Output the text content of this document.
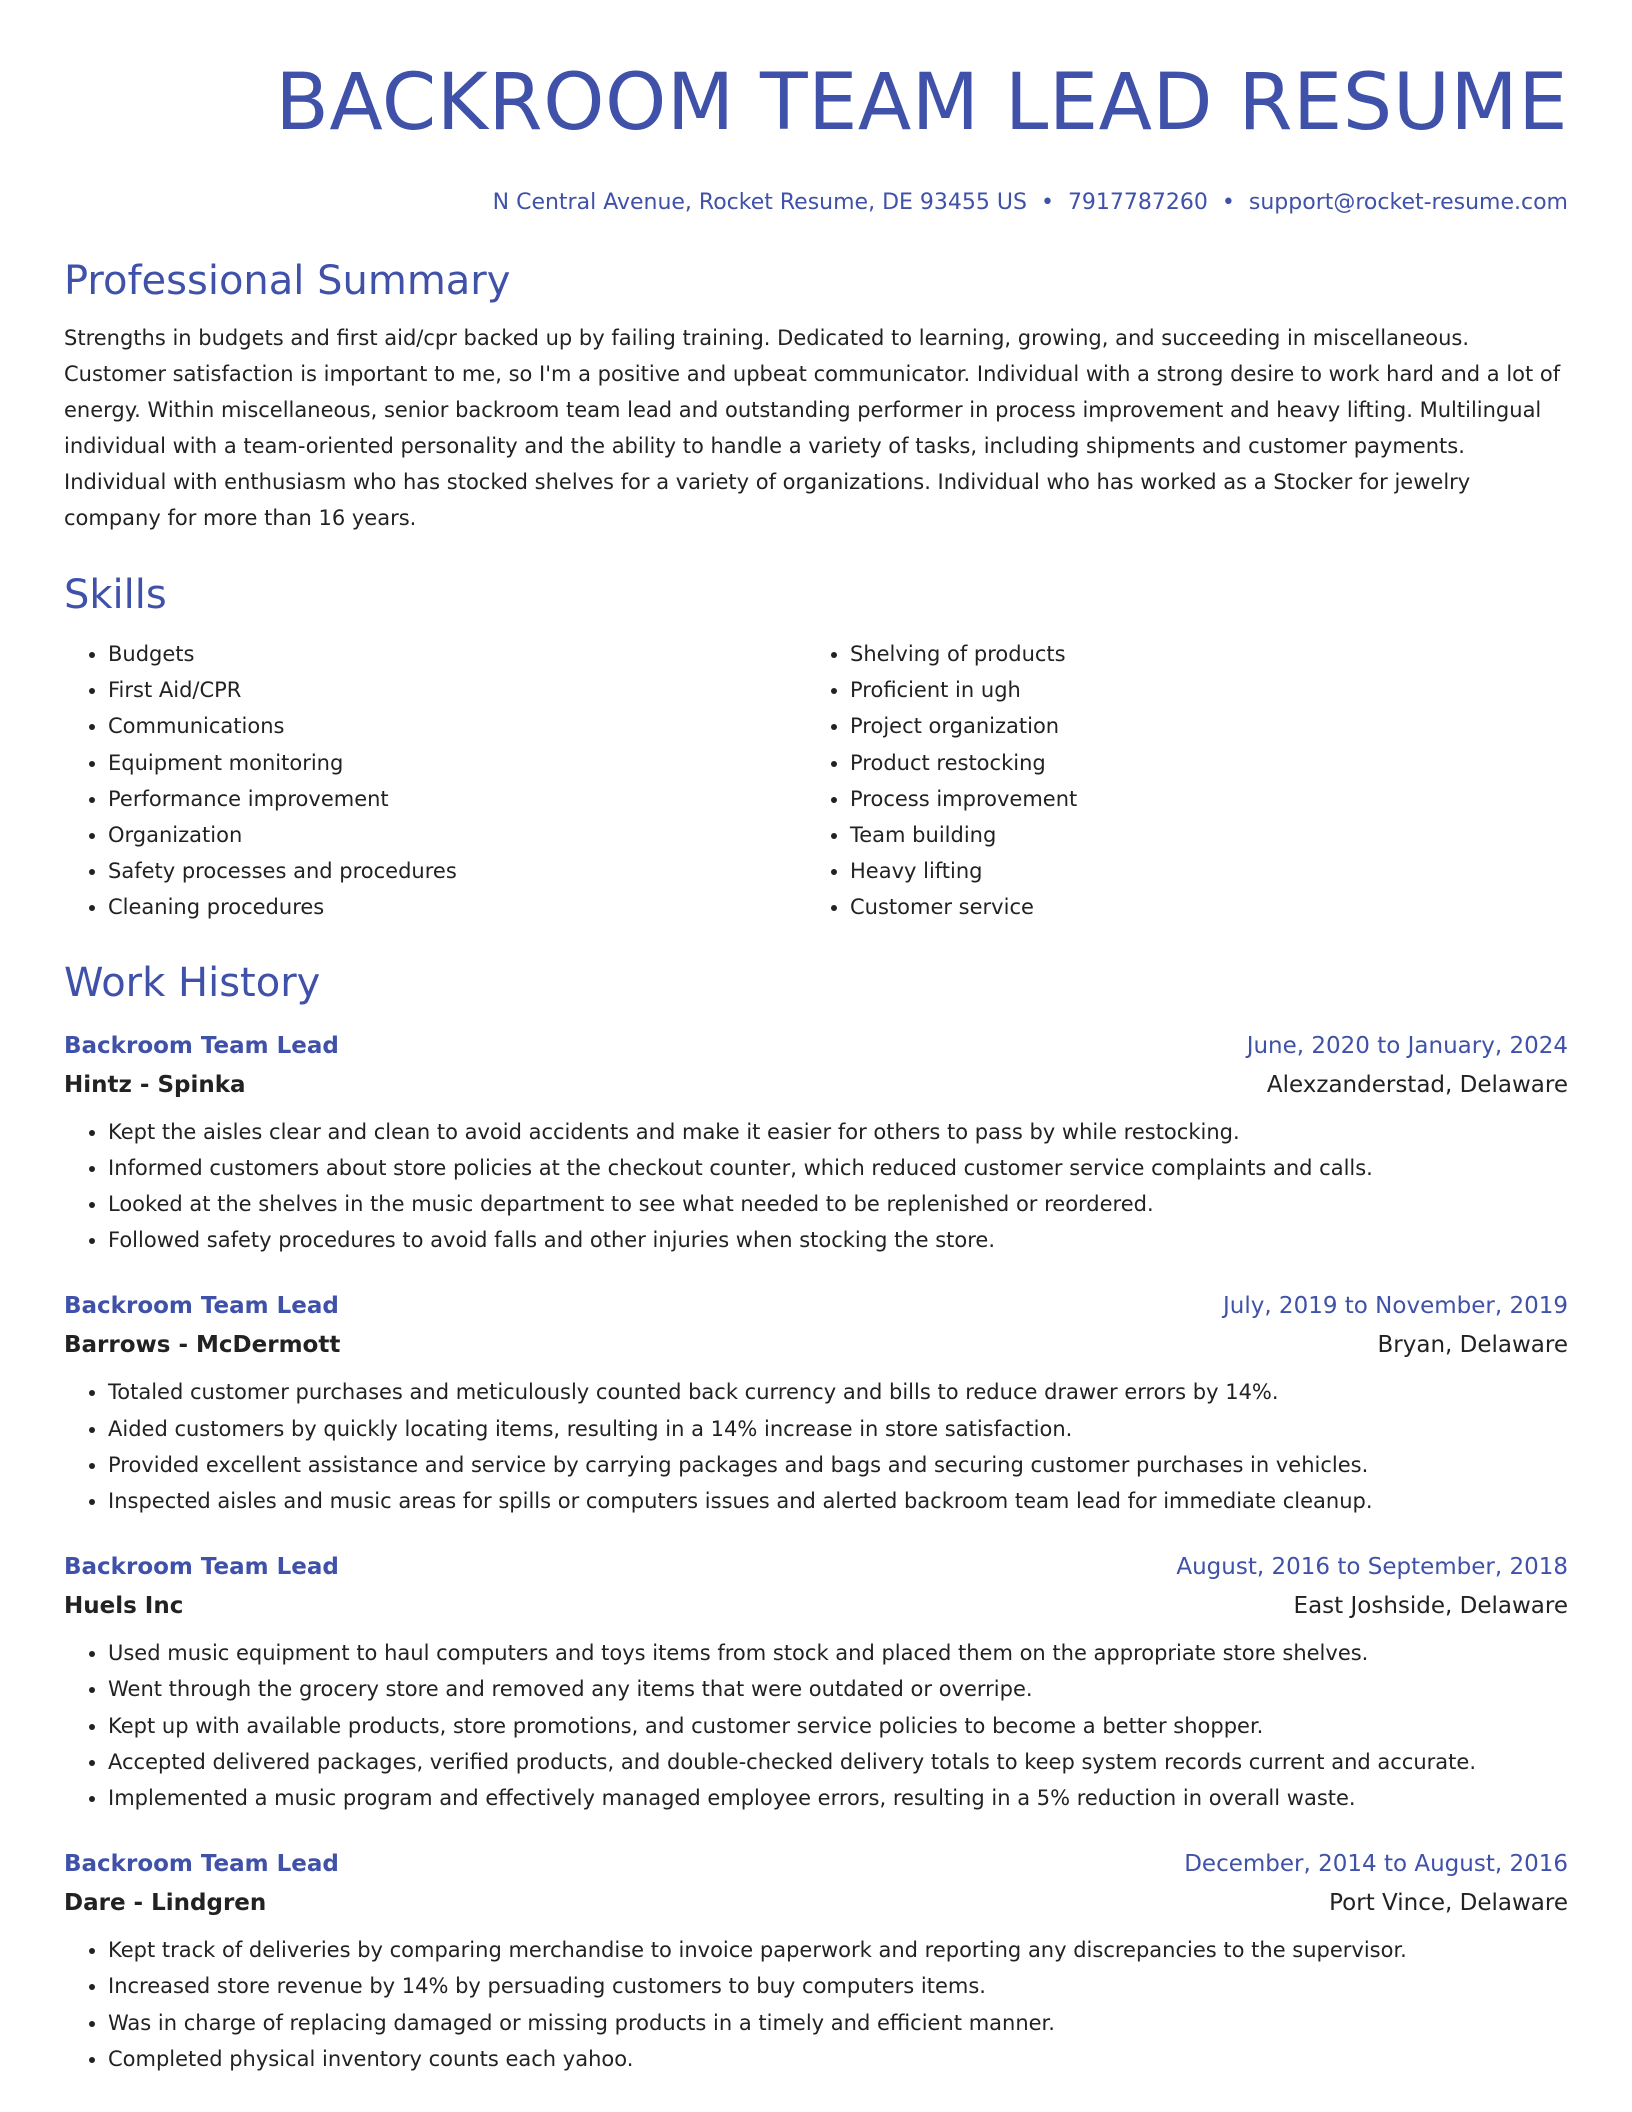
BACKROOM TEAM LEAD RESUME
N Central Avenue, Rocket Resume, DE 93455 US • 7917787260 • support@rocket-resume.com
Professional Summary
Strengths in budgets and first aid/cpr backed up by failing training. Dedicated to learning, growing, and succeeding in miscellaneous. Customer satisfaction is important to me, so I'm a positive and upbeat communicator. Individual with a strong desire to work hard and a lot of energy. Within miscellaneous, senior backroom team lead and outstanding performer in process improvement and heavy lifting. Multilingual individual with a team-oriented personality and the ability to handle a variety of tasks, including shipments and customer payments. Individual with enthusiasm who has stocked shelves for a variety of organizations. Individual who has worked as a Stocker for jewelry company for more than 16 years.
Skills
• Budgets
• First Aid/CPR
• Communications
• Equipment monitoring
• Performance improvement
• Organization
• Safety processes and procedures
• Cleaning procedures
• Shelving of products
• Proficient in ugh
• Project organization
• Product restocking
• Process improvement
• Team building
• Heavy lifting
• Customer service
Work History
Backroom Team Lead	June, 2020 to January, 2024
Hintz - Spinka	Alexzanderstad, Delaware
• Kept the aisles clear and clean to avoid accidents and make it easier for others to pass by while restocking.
• Informed customers about store policies at the checkout counter, which reduced customer service complaints and calls.
• Looked at the shelves in the music department to see what needed to be replenished or reordered.
• Followed safety procedures to avoid falls and other injuries when stocking the store.
Backroom Team Lead	July, 2019 to November, 2019
Barrows - McDermott	Bryan, Delaware
• Totaled customer purchases and meticulously counted back currency and bills to reduce drawer errors by 14%.
• Aided customers by quickly locating items, resulting in a 14% increase in store satisfaction.
• Provided excellent assistance and service by carrying packages and bags and securing customer purchases in vehicles.
• Inspected aisles and music areas for spills or computers issues and alerted backroom team lead for immediate cleanup.
Backroom Team Lead	August, 2016 to September, 2018
Huels Inc	East Joshside, Delaware
• Used music equipment to haul computers and toys items from stock and placed them on the appropriate store shelves.
• Went through the grocery store and removed any items that were outdated or overripe.
• Kept up with available products, store promotions, and customer service policies to become a better shopper.
• Accepted delivered packages, verified products, and double-checked delivery totals to keep system records current and accurate.
• Implemented a music program and effectively managed employee errors, resulting in a 5% reduction in overall waste.
Backroom Team Lead	December, 2014 to August, 2016
Dare - Lindgren	Port Vince, Delaware
• Kept track of deliveries by comparing merchandise to invoice paperwork and reporting any discrepancies to the supervisor.
• Increased store revenue by 14% by persuading customers to buy computers items.
• Was in charge of replacing damaged or missing products in a timely and efficient manner.
• Completed physical inventory counts each yahoo.
